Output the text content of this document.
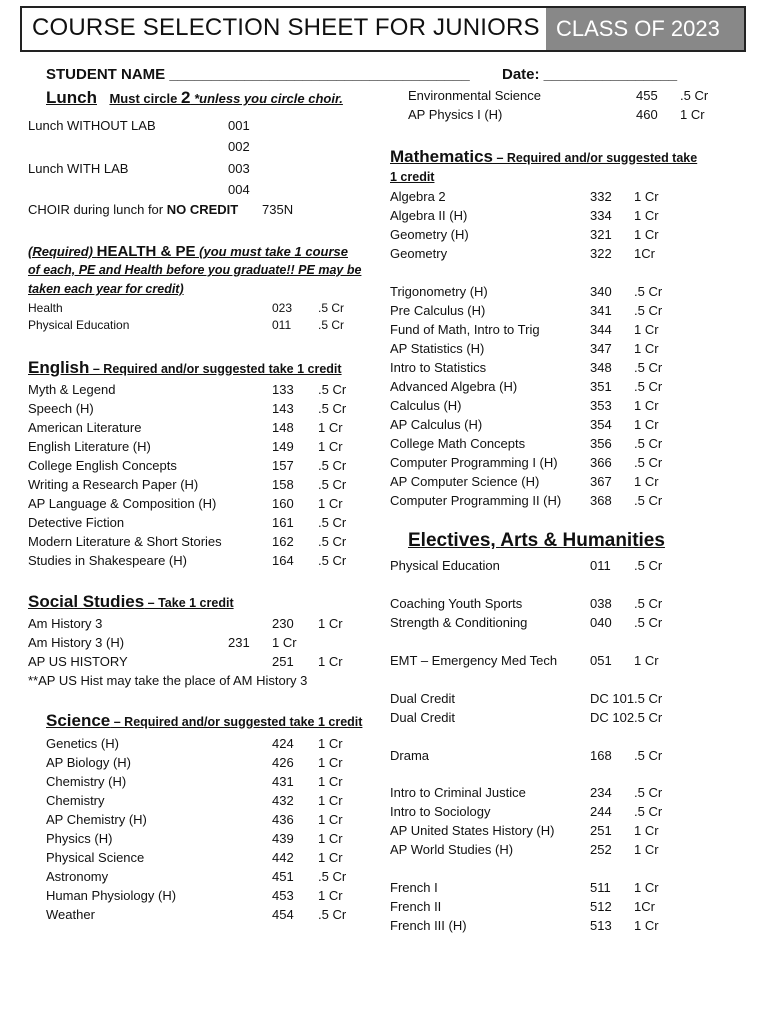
COURSE SELECTION SHEET FOR JUNIORS CLASS OF 2023
STUDENT NAME ____________________________________ Date: ________________
Lunch Must circle 2 *unless you circle choir.
Lunch WITHOUT LAB	001
002
Lunch WITH LAB	003
004
CHOIR during lunch for NO CREDIT 735N
(Required) HEALTH & PE (you must take 1 course
of each, PE and Health before you graduate!! PE may be
taken each year for credit)
Health	023 .5 Cr
Physical Education	011 .5 Cr
English – Required and/or suggested take 1 credit
Myth & Legend	133 .5 Cr
Speech (H)	143 .5 Cr
American Literature	148 1 Cr
English Literature (H)	149 1 Cr
College English Concepts	157 .5 Cr
Writing a Research Paper (H)	158 .5 Cr
AP Language & Composition (H)	160 1 Cr
Detective Fiction	161 .5 Cr
Modern Literature & Short Stories	162 .5 Cr
Studies in Shakespeare (H)	164 .5 Cr
Social Studies – Take 1 credit
Am History 3	230 1 Cr
Am History 3 (H)	231 1 Cr
AP US HISTORY	251 1 Cr
**AP US Hist may take the place of AM History 3
Science – Required and/or suggested take 1 credit
Genetics (H)	424 1 Cr
AP Biology (H)	426 1 Cr
Chemistry (H)	431 1 Cr
Chemistry	432 1 Cr
AP Chemistry (H)	436 1 Cr
Physics (H)	439 1 Cr
Physical Science	442 1 Cr
Astronomy	451 .5 Cr
Human Physiology (H)	453 1 Cr
Weather	454 .5 Cr
Environmental Science	455 .5 Cr
AP Physics I (H)	460 1 Cr
Mathematics – Required and/or suggested take
1 credit
Algebra 2	332 1 Cr
Algebra II (H)	334 1 Cr
Geometry (H)	321 1 Cr
Geometry	322 1Cr
Trigonometry (H)	340 .5 Cr
Pre Calculus (H)	341 .5 Cr
Fund of Math, Intro to Trig	344 1 Cr
AP Statistics (H)	347 1 Cr
Intro to Statistics	348 .5 Cr
Advanced Algebra (H)	351 .5 Cr
Calculus (H)	353 1 Cr
AP Calculus (H)	354 1 Cr
College Math Concepts	356 .5 Cr
Computer Programming I (H) 366 .5 Cr
AP Computer Science (H)	367 1 Cr
Computer Programming II (H) 368 .5 Cr
Electives, Arts & Humanities
Physical Education	011 .5 Cr
Coaching Youth Sports	038 .5 Cr
Strength & Conditioning	040 .5 Cr
EMT – Emergency Med Tech	051 1 Cr
Dual Credit	DC 101 .5 Cr
Dual Credit	DC 102 .5 Cr
Drama	168 .5 Cr
Intro to Criminal Justice	234 .5 Cr
Intro to Sociology	244 .5 Cr
AP United States History (H)	251 1 Cr
AP World Studies (H)	252 1 Cr
French I	511 1 Cr
French II	512 1Cr
French III (H)	513 1 Cr
